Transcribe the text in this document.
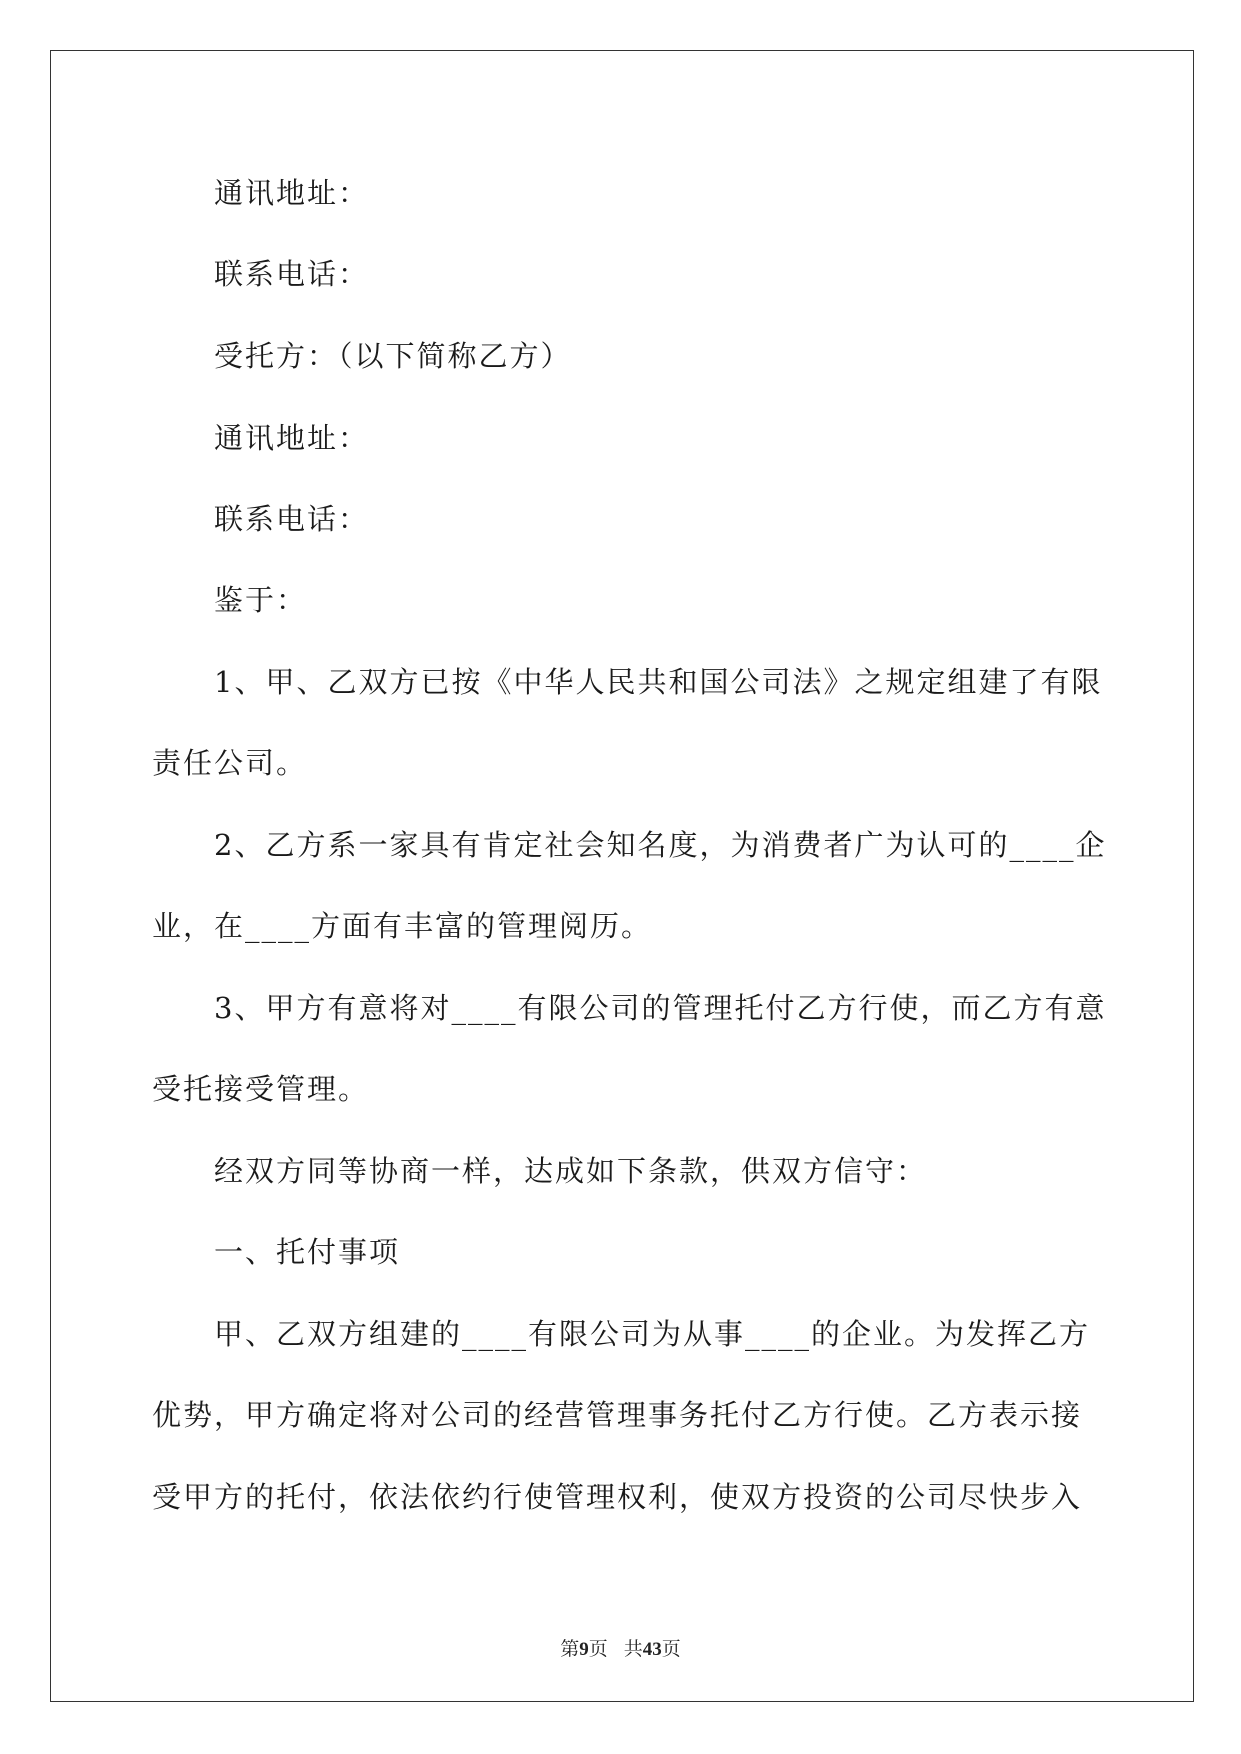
通讯地址：
联系电话：
受托方：（以下简称乙方）
通讯地址：
联系电话：
鉴于：
1、甲、乙双方已按《中华人民共和国公司法》之规定组建了有限
责任公司。
2、乙方系一家具有肯定社会知名度，为消费者广为认可的____企
业，在____方面有丰富的管理阅历。
3、甲方有意将对____有限公司的管理托付乙方行使，而乙方有意
受托接受管理。
经双方同等协商一样，达成如下条款，供双方信守：
一、托付事项
甲、乙双方组建的____有限公司为从事____的企业。为发挥乙方
优势，甲方确定将对公司的经营管理事务托付乙方行使。乙方表示接
受甲方的托付，依法依约行使管理权利，使双方投资的公司尽快步入
第9页 共43页
